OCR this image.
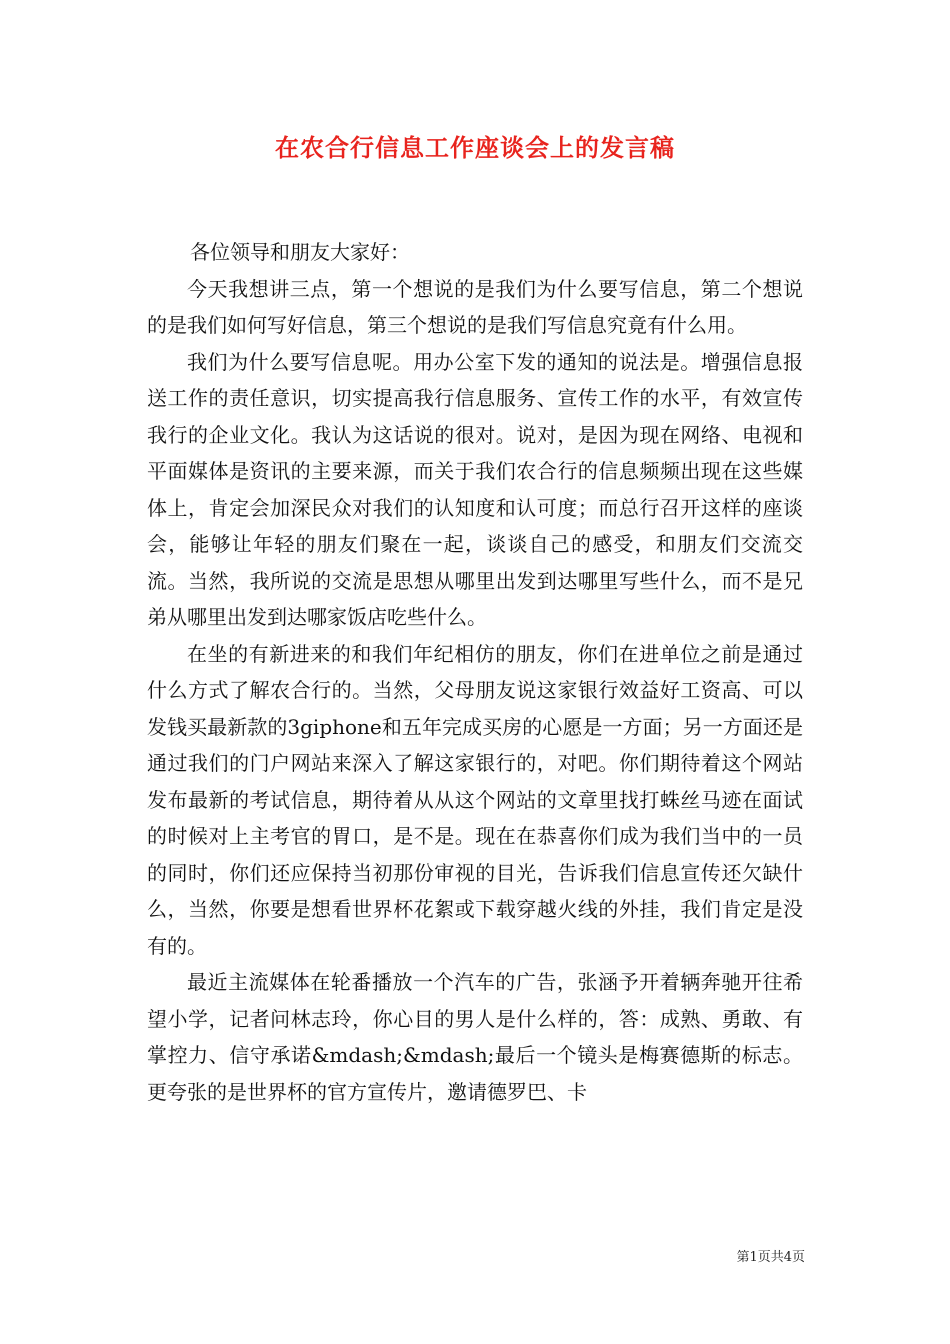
在农合行信息工作座谈会上的发言稿

各位领导和朋友大家好：

今天我想讲三点，第一个想说的是我们为什么要写信息，第二个想说的是我们如何写好信息，第三个想说的是我们写信息究竟有什么用。

我们为什么要写信息呢。用办公室下发的通知的说法是。增强信息报送工作的责任意识，切实提高我行信息服务、宣传工作的水平，有效宣传我行的企业文化。我认为这话说的很对。说对，是因为现在网络、电视和平面媒体是资讯的主要来源，而关于我们农合行的信息频频出现在这些媒体上，肯定会加深民众对我们的认知度和认可度；而总行召开这样的座谈会，能够让年轻的朋友们聚在一起，谈谈自己的感受，和朋友们交流交流。当然，我所说的交流是思想从哪里出发到达哪里写些什么，而不是兄弟从哪里出发到达哪家饭店吃些什么。

在坐的有新进来的和我们年纪相仿的朋友，你们在进单位之前是通过什么方式了解农合行的。当然，父母朋友说这家银行效益好工资高、可以发钱买最新款的3giphone和五年完成买房的心愿是一方面；另一方面还是通过我们的门户网站来深入了解这家银行的，对吧。你们期待着这个网站发布最新的考试信息，期待着从从这个网站的文章里找打蛛丝马迹在面试的时候对上主考官的胃口，是不是。现在在恭喜你们成为我们当中的一员的同时，你们还应保持当初那份审视的目光，告诉我们信息宣传还欠缺什么，当然，你要是想看世界杯花絮或下载穿越火线的外挂，我们肯定是没有的。

最近主流媒体在轮番播放一个汽车的广告，张涵予开着辆奔驰开往希望小学，记者问林志玲，你心目的男人是什么样的，答：成熟、勇敢、有掌控力、信守承诺&mdash;&mdash;最后一个镜头是梅赛德斯的标志。更夸张的是世界杯的官方宣传片，邀请德罗巴、卡

第1页共4页
